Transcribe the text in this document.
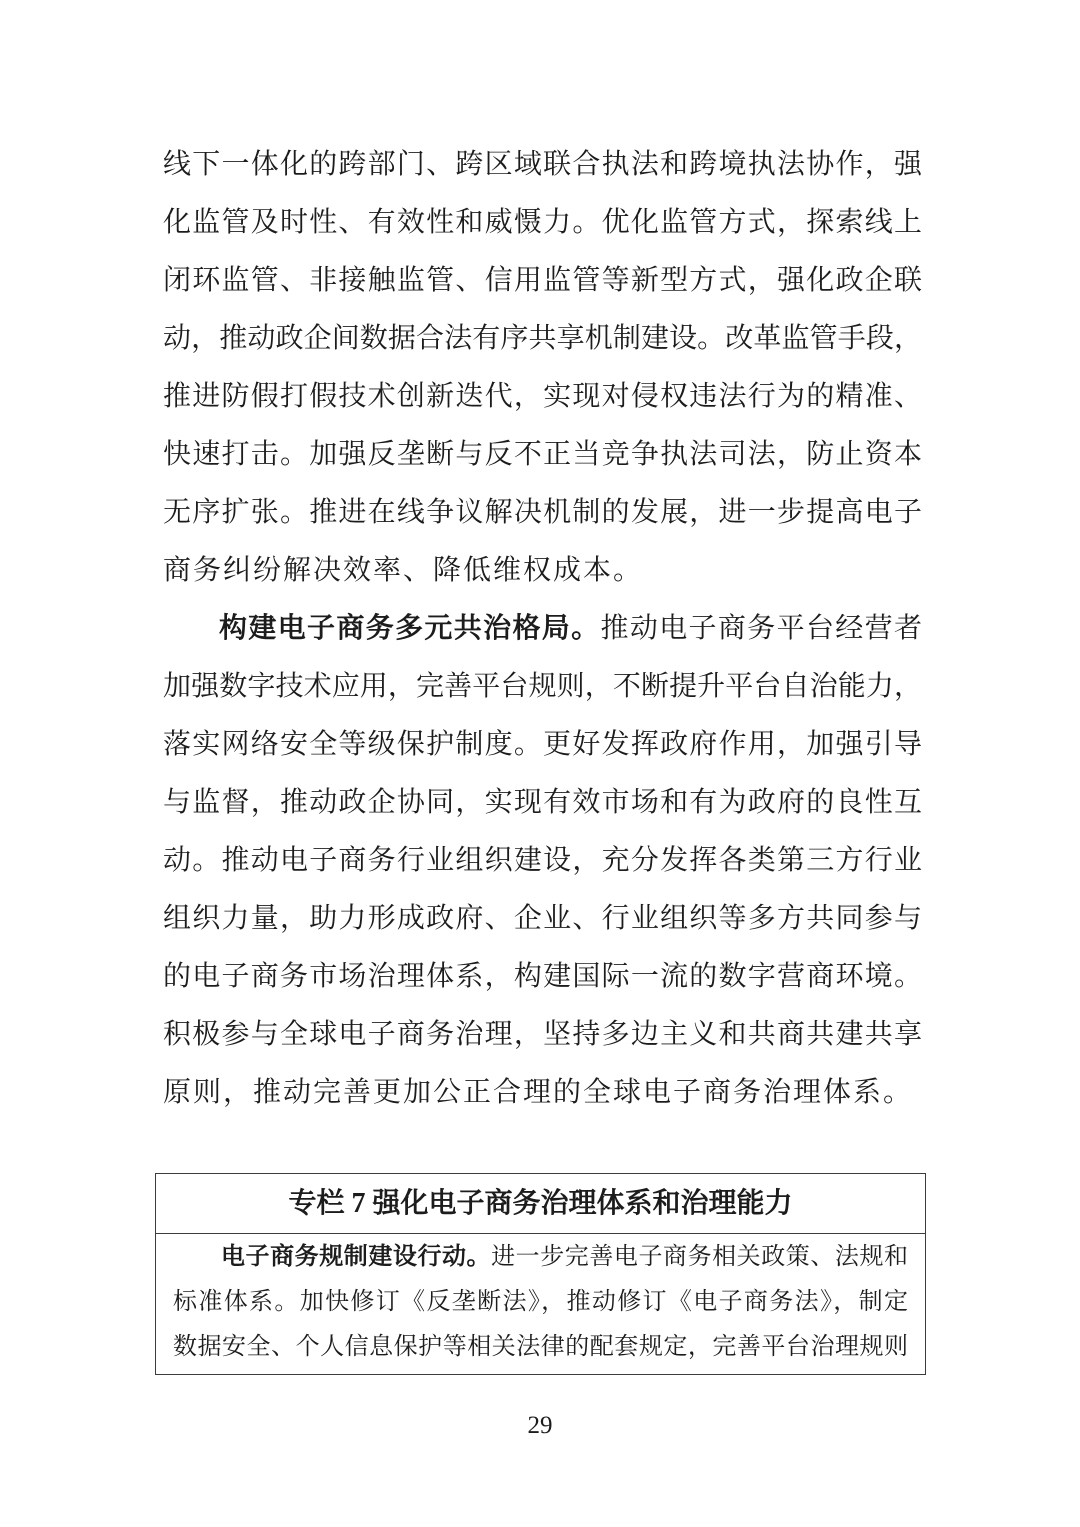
线下一体化的跨部门、跨区域联合执法和跨境执法协作，强
化监管及时性、有效性和威慑力。优化监管方式，探索线上
闭环监管、非接触监管、信用监管等新型方式，强化政企联
动，推动政企间数据合法有序共享机制建设。改革监管手段，
推进防假打假技术创新迭代，实现对侵权违法行为的精准、
快速打击。加强反垄断与反不正当竞争执法司法，防止资本
无序扩张。推进在线争议解决机制的发展，进一步提高电子
商务纠纷解决效率、降低维权成本。
构建电子商务多元共治格局。推动电子商务平台经营者
加强数字技术应用，完善平台规则，不断提升平台自治能力，
落实网络安全等级保护制度。更好发挥政府作用，加强引导
与监督，推动政企协同，实现有效市场和有为政府的良性互
动。推动电子商务行业组织建设，充分发挥各类第三方行业
组织力量，助力形成政府、企业、行业组织等多方共同参与
的电子商务市场治理体系，构建国际一流的数字营商环境。
积极参与全球电子商务治理，坚持多边主义和共商共建共享
原则，推动完善更加公正合理的全球电子商务治理体系。
专栏 7 强化电子商务治理体系和治理能力
电子商务规制建设行动。进一步完善电子商务相关政策、法规和
标准体系。加快修订《反垄断法》，推动修订《电子商务法》，制定
数据安全、个人信息保护等相关法律的配套规定，完善平台治理规则
29
